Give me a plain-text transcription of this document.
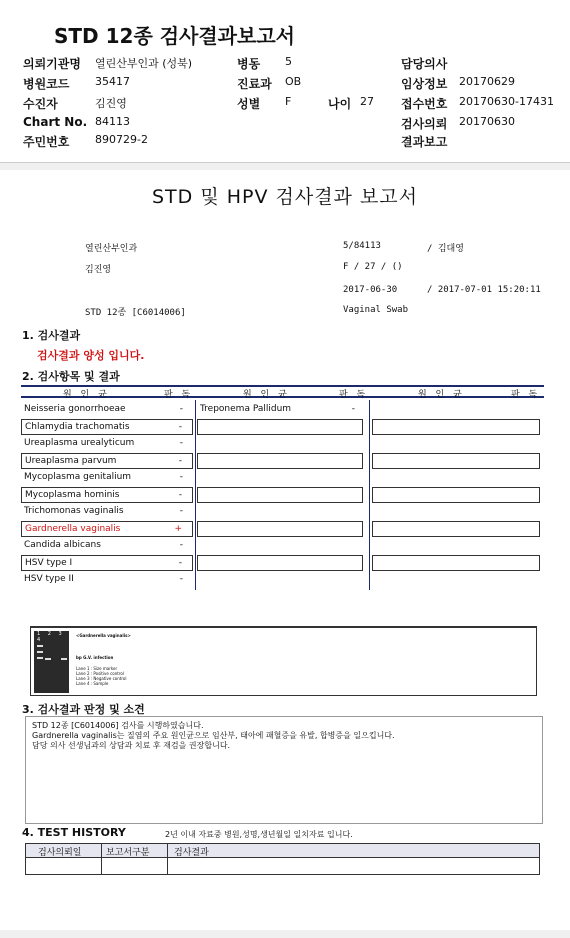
STD 12종 검사결과보고서
의뢰기관명 열린산부인과 (성북)	병동 5	담당의사
병원코드 35417	진료과 OB	임상정보 20170629
수진자	김진영	성별 F	나이 27 접수번호 20170630-17431
Chart No. 84113	검사의뢰 20170630
주민번호 890729-2	결과보고
STD 및 HPV 검사결과 보고서
열린산부인과	5/84113	/ 김대영
김진영	F / 27 / ()
2017-06-30	/ 2017-07-01 15:20:11
STD 12종 [C6014006]	Vaginal Swab
1. 검사결과
검사결과 양성 입니다.
2. 검사항목 및 결과
원 인 균	판 독	원 인 균	판 독	원 인 균	판 독
Neisseria gonorrhoeae	-
Chlamydia trachomatis	-
Ureaplasma urealyticum	-
Ureaplasma parvum	-
Mycoplasma genitalium	-
Mycoplasma hominis	-
Trichomonas vaginalis	-
Gardnerella vaginalis	+
Candida albicans	-
HSV type I	-
HSV type II	-
Treponema Pallidum	-
1 2 3 4
<Gardnerella vaginalis>
bp G.V. infection
Lane 1 : Size marker
Lane 2 : Positive control
Lane 3 : Negative control
Lane 4 : Sample
3. 검사결과 판정 및 소견
STD 12종 [C6014006] 검사를 시행하였습니다.
Gardnerella vaginalis는 질염의 주요 원인균으로 임산부, 태아에 패혈증을 유발, 합병증을 일으킵니다.
담당 의사 선생님과의 상담과 치료 후 재검을 권장합니다.
4. TEST HISTORY	2년 이내 자료중 병원,성명,생년월일 일치자료 입니다.
검사의뢰일	보고서구분	검사결과
